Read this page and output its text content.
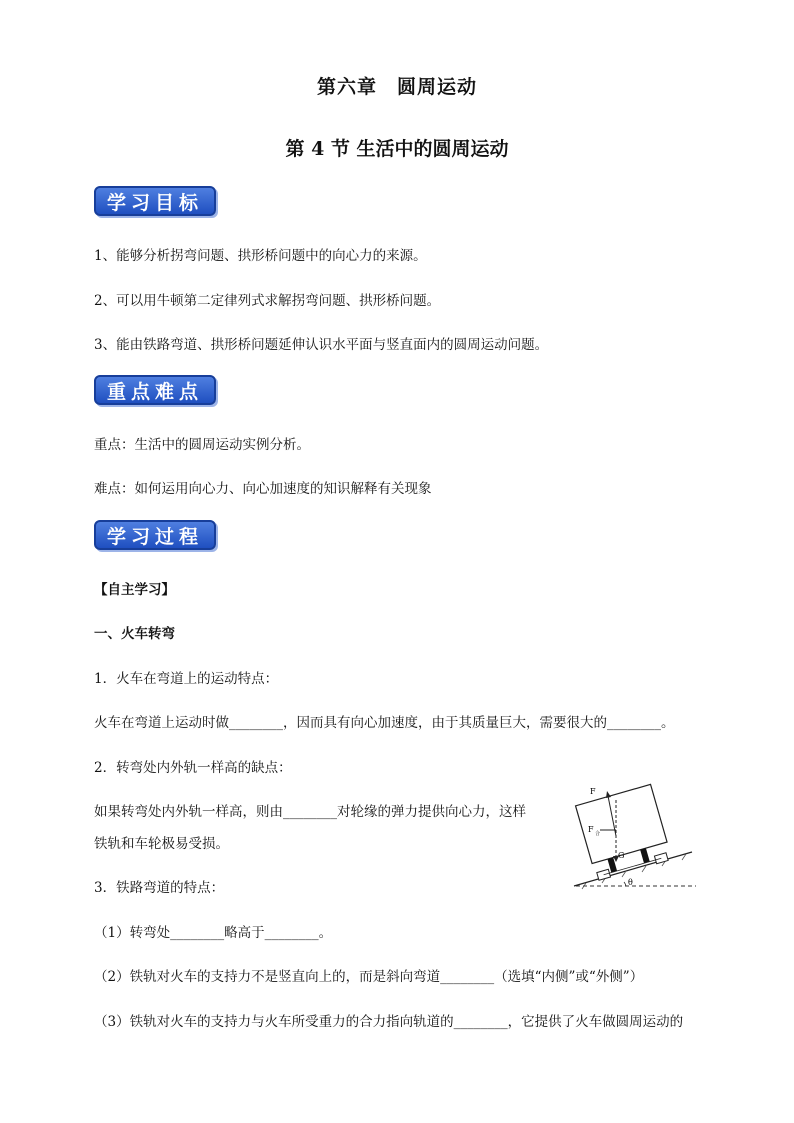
第六章　圆周运动
第 4 节 生活中的圆周运动
学习目标
1、能够分析拐弯问题、拱形桥问题中的向心力的来源。
2、可以用牛顿第二定律列式求解拐弯问题、拱形桥问题。
3、能由铁路弯道、拱形桥问题延伸认识水平面与竖直面内的圆周运动问题。
重点难点
重点：生活中的圆周运动实例分析。
难点：如何运用向心力、向心加速度的知识解释有关现象
学习过程
【自主学习】
一、火车转弯
1．火车在弯道上的运动特点：
火车在弯道上运动时做________，因而具有向心加速度，由于其质量巨大，需要很大的________。
2．转弯处内外轨一样高的缺点：
如果转弯处内外轨一样高，则由________对轮缘的弹力提供向心力，这样
铁轨和车轮极易受损。
3．铁路弯道的特点：
（1）转弯处________略高于________。
（2）铁轨对火车的支持力不是竖直向上的，而是斜向弯道________（选填“内侧”或“外侧”）
（3）铁轨对火车的支持力与火车所受重力的合力指向轨道的________，它提供了火车做圆周运动的
F
F 合
G
θ
